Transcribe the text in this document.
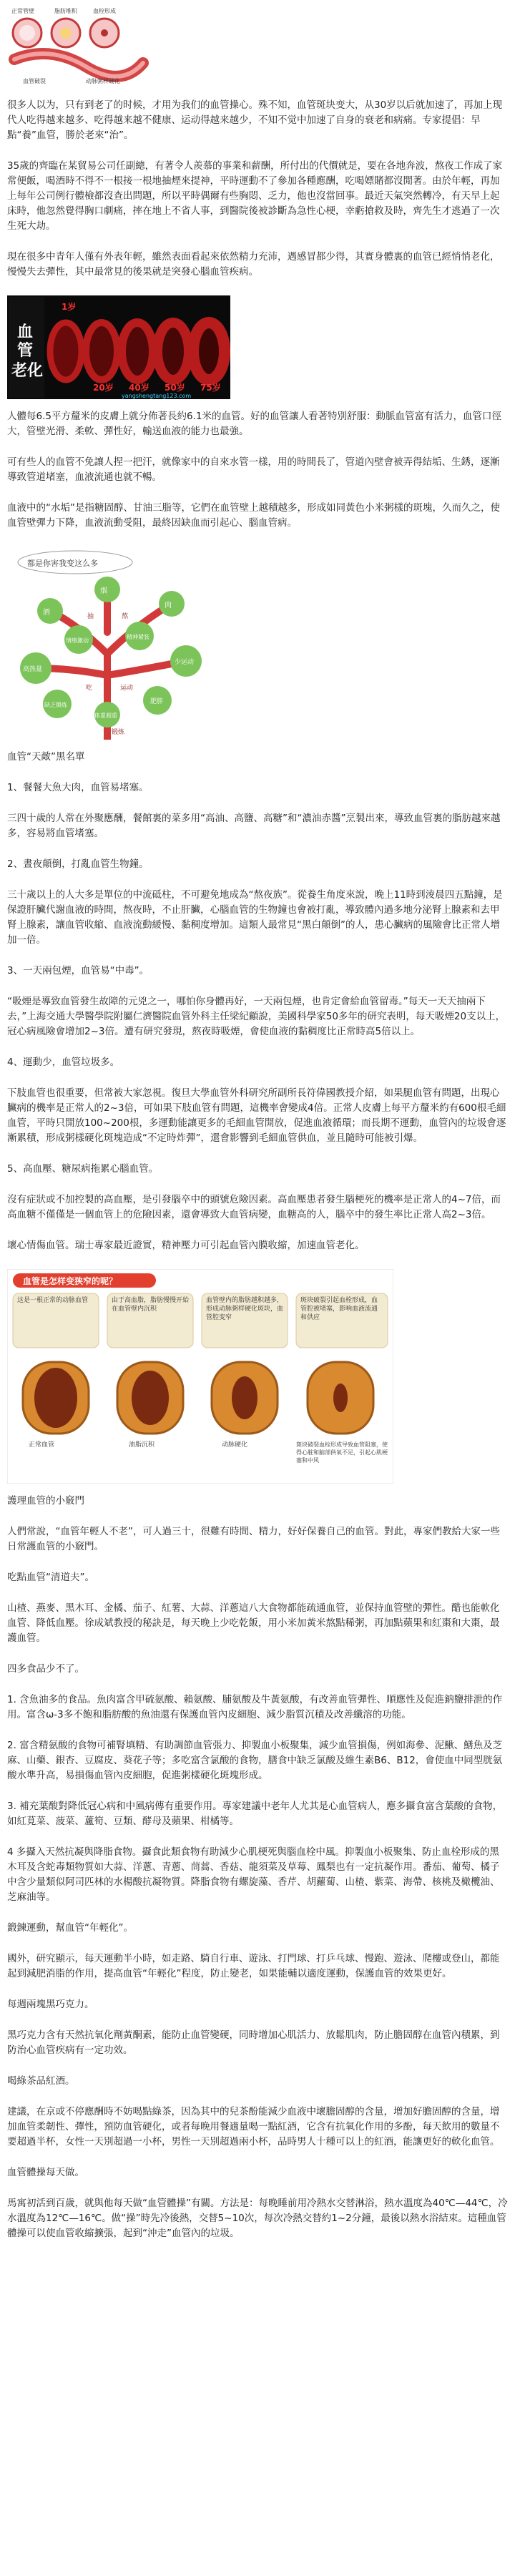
正常管壁	脂肪堆积	血栓形成
血管破裂	动脉粥样硬化

很多人以为，只有到老了的时候，才用为我们的血管操心。殊不知，血管斑块变大，从30岁以后就加速了，再加上现代人吃得越来越多、吃得越来越不健康、运动得越来越少，不知不觉中加速了自身的衰老和病痛。专家提倡：早點“養”血管，勝於老來“治”。

35歲的齊臨在某貿易公司任副總，有著令人羨慕的事業和薪酬，所付出的代價就是，要在各地奔波，熬夜工作成了家常便飯，喝酒時不得不一根接一根地抽煙來提神，平時運動不了參加各種應酬，吃喝嫖賭都沒閒著。由於年輕，再加上每年公司例行體檢都沒查出問題，所以平時偶爾有些胸悶、乏力，他也沒當回事。最近天氣突然轉冷，有天早上起床時，他忽然覺得胸口劇痛，摔在地上不省人事，到醫院後被診斷為急性心梗，幸虧搶救及時，齊先生才逃過了一次生死大劫。

現在很多中青年人僅有外表年輕，雖然表面看起來依然精力充沛，遇感冒都少得，其實身體裏的血管已經悄悄老化，慢慢失去彈性，其中最常見的後果就是突發心腦血管疾病。

血
管
老化
1岁
20岁 40岁 50岁 75岁
yangshengtang123.com

人體每6.5平方釐米的皮膚上就分佈著長約6.1米的血管。好的血管讓人看著特別舒服：動脈血管富有活力，血管口徑大，管壁光滑、柔軟、彈性好，輸送血液的能力也最強。

可有些人的血管不免讓人捏一把汗，就像家中的自來水管一樣，用的時間長了，管道內壁會被弄得結垢、生銹，逐漸導致管道堵塞，血液流通也就不暢。

血液中的“水垢”是指糖固醇、甘油三脂等，它們在血管壁上越積越多，形成如同黃色小米粥樣的斑塊，久而久之，使血管壁彈力下降，血液流動受阻，最終因缺血而引起心、腦血管病。

都是你害我变这么多
酒
肉
烟
高热量
少运动
情绪激动
精神紧张
缺乏锻炼	肥胖
体重超重
抽	熬
吃	运动
锻炼

血管“天敵”黑名單

1、餐餐大魚大肉，血管易堵塞。

三四十歲的人常在外聚應酬，餐館裏的菜多用“高油、高鹽、高糖”和“濃油赤醬”烹製出來，導致血管裏的脂肪越來越多，容易將血管堵塞。

2、晝夜顛倒，打亂血管生物鐘。

三十歲以上的人大多是單位的中流砥柱，不可避免地成為“熬夜族”。從養生角度來說，晚上11時到淩晨四五點鐘，是保證肝臟代謝血液的時間，熬夜時，不止肝臟，心腦血管的生物鐘也會被打亂，導致體內過多地分泌腎上腺素和去甲腎上腺素，讓血管收縮、血液流動緩慢、黏稠度增加。這類人最常見“黑白顛倒”的人，患心臟病的風險會比正常人增加一倍。

3、一天兩包煙，血管易“中毒”。

“吸煙是導致血管發生故障的元兇之一，哪怕你身體再好，一天兩包煙，也肯定會給血管留毒。”每天一天天抽兩下去，”上海交通大學醫學院附屬仁濟醫院血管外科主任梁紀顧說，美國科學家50多年的研究表明，每天吸煙20支以上，冠心病風險會增加2~3倍。遭有研究發現，熬夜時吸煙，會使血液的黏稠度比正常時高5倍以上。

4、運動少，血管垃圾多。

下肢血管也很重要，但常被大家忽視。復旦大學血管外科研究所副所長符偉國教授介紹，如果腿血管有問題，出現心臟病的機率是正常人的2~3倍，可如果下肢血管有問題，這機率會變成4倍。正常人皮膚上每平方釐米約有600根毛細血管，平時只開放100~200根，多運動能讓更多的毛細血管開放，促進血液循環；而長期不運動，血管內的垃圾會逐漸累積，形成粥樣硬化斑塊造成“不定時炸彈”，還會影響到毛細血管供血，並且隨時可能被引爆。

5、高血壓、糖尿病拖累心腦血管。

沒有症狀或不加控製的高血壓，是引發腦卒中的頭號危險因素。高血壓患者發生腦梗死的機率是正常人的4~7倍，而高血糖不僅僅是一個血管上的危險因素，還會導致大血管病變，血糖高的人，腦卒中的發生率比正常人高2~3倍。

壞心情傷血管。瑞士專家最近證實，精神壓力可引起血管內膜收縮，加速血管老化。

血管是怎样变狭窄的呢？
这是一根正常的动脉血管	由于高血脂，脂肪慢慢开始在血管壁内沉积
血管壁内的脂肪越积越多，形成动脉粥样硬化斑块，血管腔变窄
斑块破裂引起血栓形成，血管腔被堵塞，影响血液流通和供应
正常血管	油脂沉积	动脉硬化	斑块破裂血栓形成导致血管阻塞，使得心脏和脑部供氧不足，引起心肌梗塞和中风

護理血管的小竅門

人們常說，“血管年輕人不老”，可人過三十，很難有時間、精力，好好保養自己的血管。對此，專家們教給大家一些日常護血管的小竅門。

吃點血管“清道夫”。

山楂、燕麥、黑木耳、金橘、茄子、紅薯、大蒜、洋蔥這八大食物都能疏通血管，並保持血管壁的彈性。醋也能軟化血管、降低血壓。徐成斌教授的秘訣是，每天晚上少吃乾飯，用小米加黃米熬點稀粥，再加點蘋果和紅棗和大棗，最護血管。

四多食品少不了。

1. 含魚油多的食品。魚肉富含甲硫氨酸、賴氨酸、脯氨酸及牛黃氨酸，有改善血管彈性、順應性及促進鈉鹽排泄的作用。富含ω-3多不飽和脂肪酸的魚油還有保護血管內皮細胞、減少脂質沉積及改善纖溶的功能。

2. 富含精氨酸的食物可補腎填精、有助調節血管張力、抑製血小板聚集，減少血管損傷，例如海參、泥鰍、鱔魚及芝麻、山藥、銀杏、豆腐皮、葵花子等；多吃富含氯酸的食物，膳食中缺乏氯酸及維生素B6、B12，會使血中同型胱氨酸水準升高，易損傷血管內皮細胞，促進粥樣硬化斑塊形成。

3. 補充葉酸對降低冠心病和中風病傳有重要作用。專家建議中老年人尤其是心血管病人，應多攝食富含葉酸的食物，如紅莧菜、菠菜、蘆筍、豆類、酵母及蘋果、柑橘等。

4 多攝入天然抗凝與降脂食物。攝食此類食物有助減少心肌梗死與腦血栓中風。抑製血小板聚集、防止血栓形成的黑木耳及含蛇毒類物質如大蒜、洋蔥、青蔥、茼蒿、香菇、龍須菜及草莓、鳳梨也有一定抗凝作用。番茄、葡萄、橘子中含少量類似阿司匹林的水楊酸抗凝物質。降脂食物有螺旋藻、香芹、胡蘿蔔、山楂、紫菜、海帶、核桃及橄欖油、芝麻油等。

鍛鍊運動，幫血管“年輕化”。

國外，研究顯示，每天運動半小時，如走路、騎自行車、遊泳、打門球、打乒乓球、慢跑、遊泳、爬樓或登山，都能起到減肥消脂的作用，提高血管“年輕化”程度，防止變老，如果能輔以適度運動，保護血管的效果更好。

每週兩塊黑巧克力。

黑巧克力含有天然抗氧化劑黃酮素，能防止血管變硬，同時增加心肌活力、放鬆肌肉，防止膽固醇在血管內積累，到防治心血管疾病有一定功效。

喝綠茶品紅酒。

建議，在京或不停應酬時不妨喝點綠茶，因為其中的兒茶酚能減少血液中壞膽固醇的含量，增加好膽固醇的含量，增加血管柔韌性、彈性，預防血管硬化，或者每晚用餐適量喝一點紅酒，它含有抗氧化作用的多酚，每天飲用的數量不要超過半杯，女性一天別超過一小杯，男性一天別超過兩小杯，品時男人十種可以上的紅酒，能讓更好的軟化血管。

血管體操每天做。

馬寓初活到百歲，就與他每天做“血管體操”有關。方法是：每晚睡前用冷熱水交替淋浴，熱水溫度為40℃—44℃，冷水溫度為12℃—16℃。做“操”時先冷後熱，交替5~10次，每次冷熱交替約1~2分鐘，最後以熱水浴結束。這種血管體操可以使血管收縮擴張，起到“沖走”血管內的垃圾。
